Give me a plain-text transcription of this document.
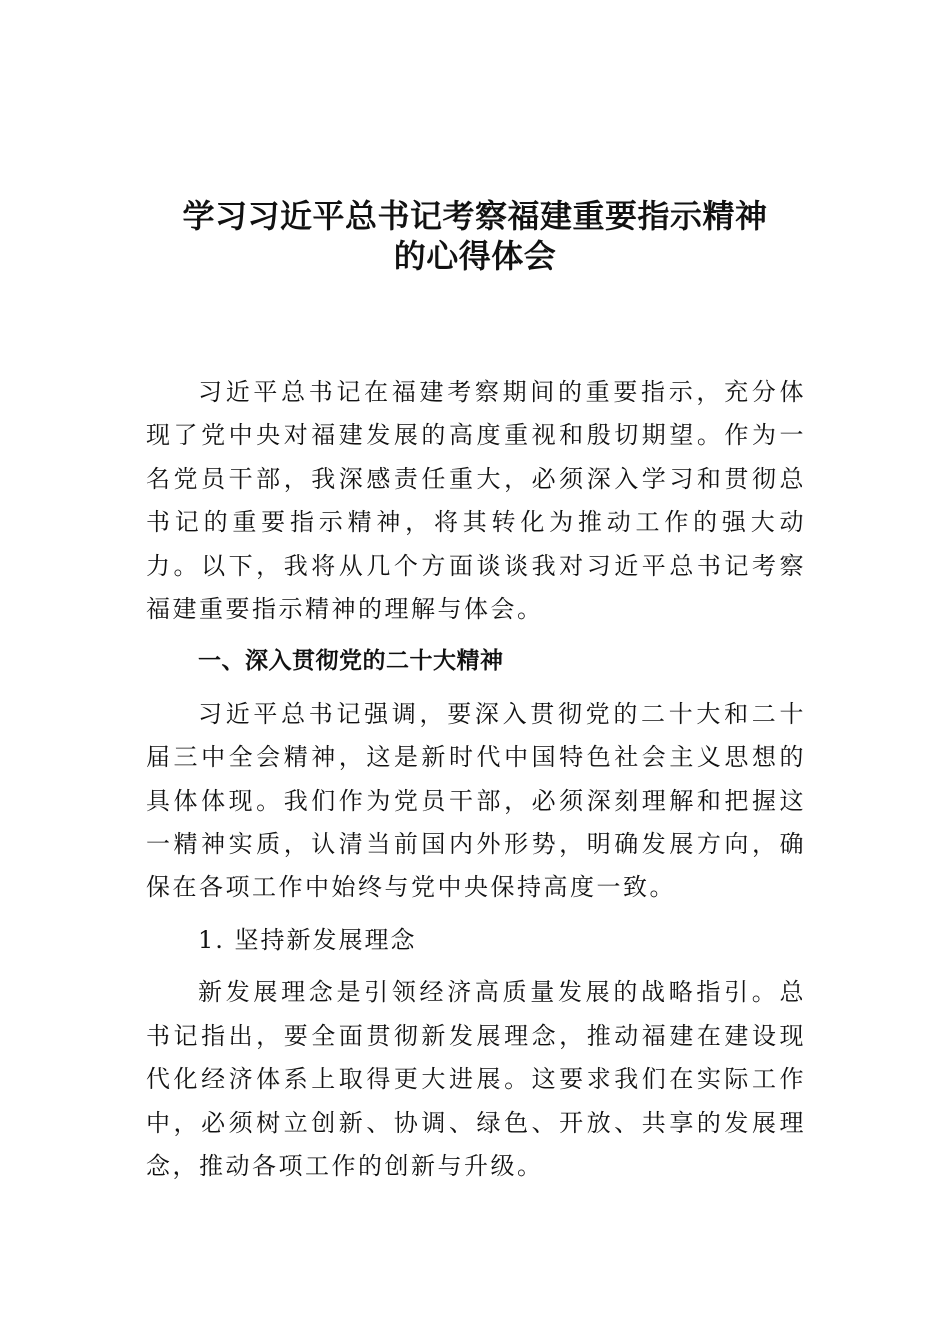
学习习近平总书记考察福建重要指示精神
的心得体会

习近平总书记在福建考察期间的重要指示，充分体现了党中央对福建发展的高度重视和殷切期望。作为一名党员干部，我深感责任重大，必须深入学习和贯彻总书记的重要指示精神，将其转化为推动工作的强大动力。以下，我将从几个方面谈谈我对习近平总书记考察福建重要指示精神的理解与体会。

一、深入贯彻党的二十大精神

习近平总书记强调，要深入贯彻党的二十大和二十届三中全会精神，这是新时代中国特色社会主义思想的具体体现。我们作为党员干部，必须深刻理解和把握这一精神实质，认清当前国内外形势，明确发展方向，确保在各项工作中始终与党中央保持高度一致。

1. 坚持新发展理念

新发展理念是引领经济高质量发展的战略指引。总书记指出，要全面贯彻新发展理念，推动福建在建设现代化经济体系上取得更大进展。这要求我们在实际工作中，必须树立创新、协调、绿色、开放、共享的发展理念，推动各项工作的创新与升级。
